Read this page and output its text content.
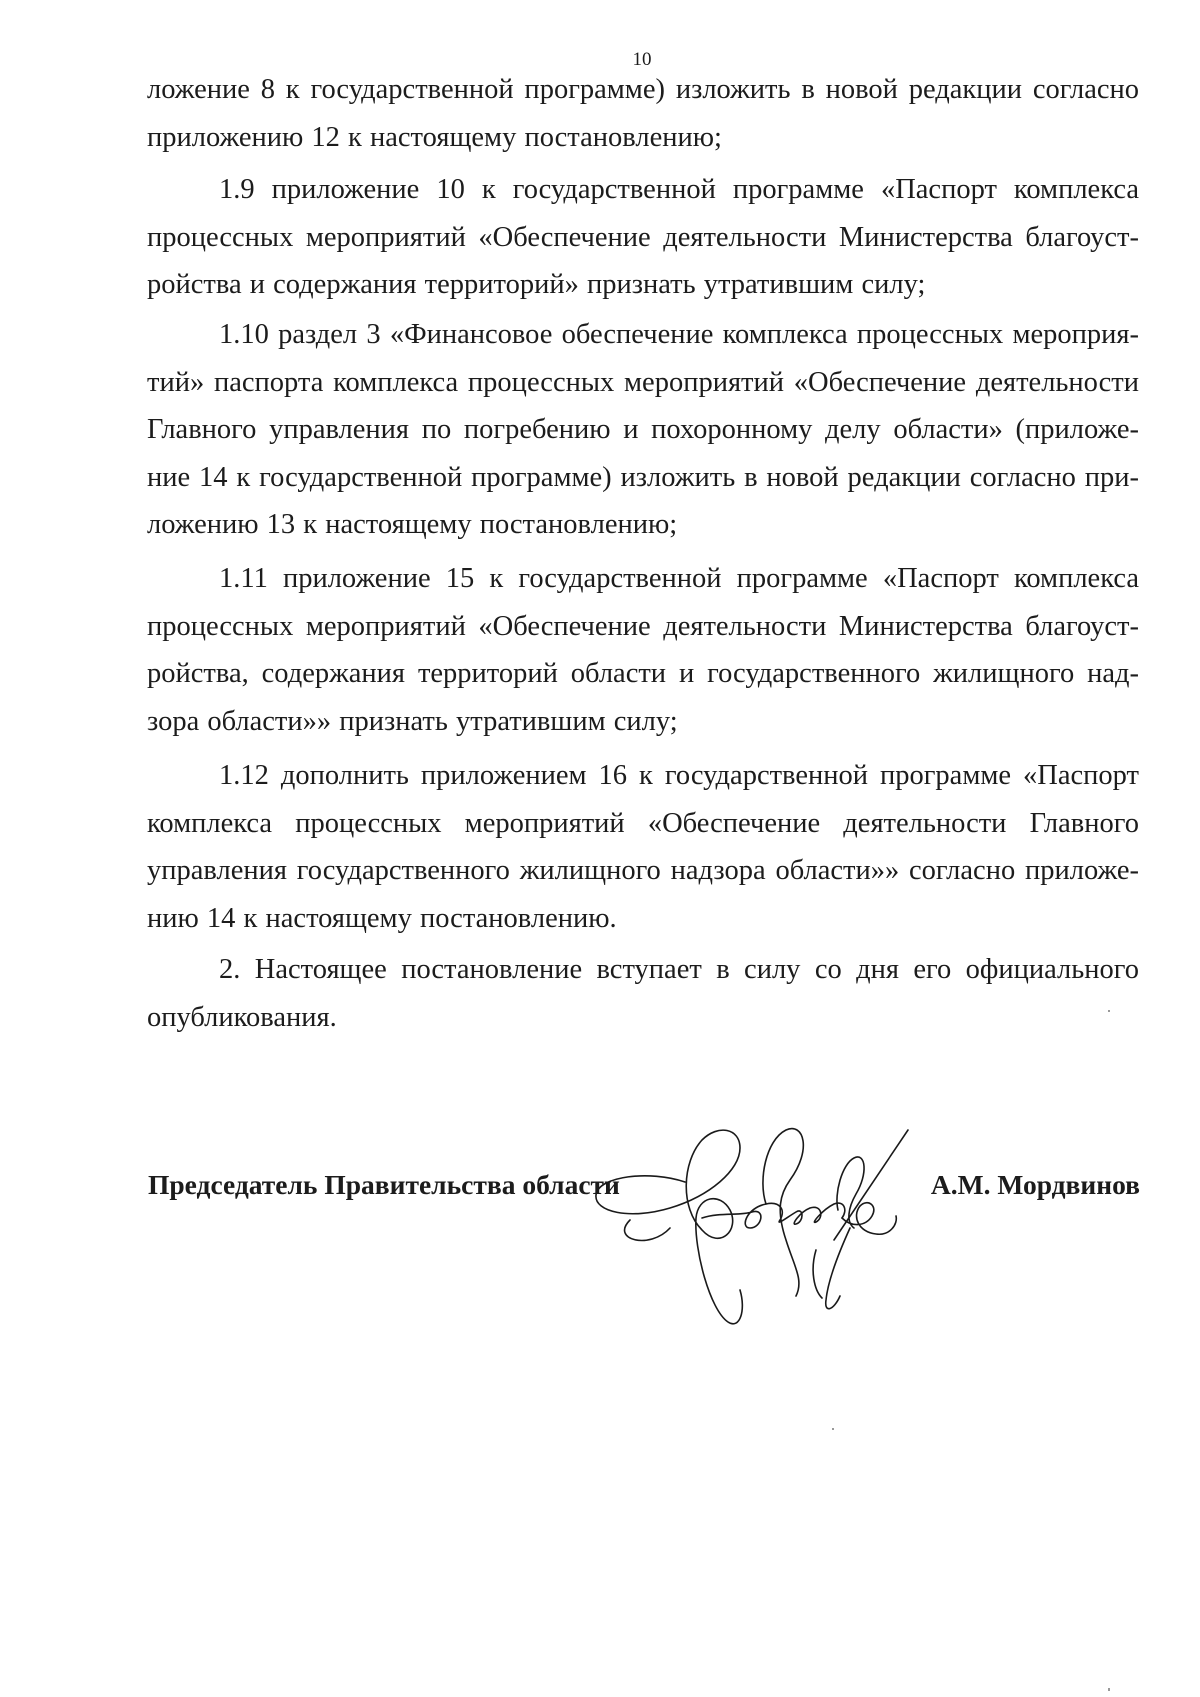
10
ложение 8 к государственной программе) изложить в новой редакции согласно
приложению 12 к настоящему постановлению;
1.9 приложение 10 к государственной программе «Паспорт комплекса
процессных мероприятий «Обеспечение деятельности Министерства благоуст-
ройства и содержания территорий» признать утратившим силу;
1.10 раздел 3 «Финансовое обеспечение комплекса процессных мероприя-
тий» паспорта комплекса процессных мероприятий «Обеспечение деятельности
Главного управления по погребению и похоронному делу области» (приложе-
ние 14 к государственной программе) изложить в новой редакции согласно при-
ложению 13 к настоящему постановлению;
1.11 приложение 15 к государственной программе «Паспорт комплекса
процессных мероприятий «Обеспечение деятельности Министерства благоуст-
ройства, содержания территорий области и государственного жилищного над-
зора области»» признать утратившим силу;
1.12 дополнить приложением 16 к государственной программе «Паспорт
комплекса процессных мероприятий «Обеспечение деятельности Главного
управления государственного жилищного надзора области»» согласно приложе-
нию 14 к настоящему постановлению.
2. Настоящее постановление вступает в силу со дня его официального
опубликования.
Председатель Правительства области	А.М. Мордвинов
